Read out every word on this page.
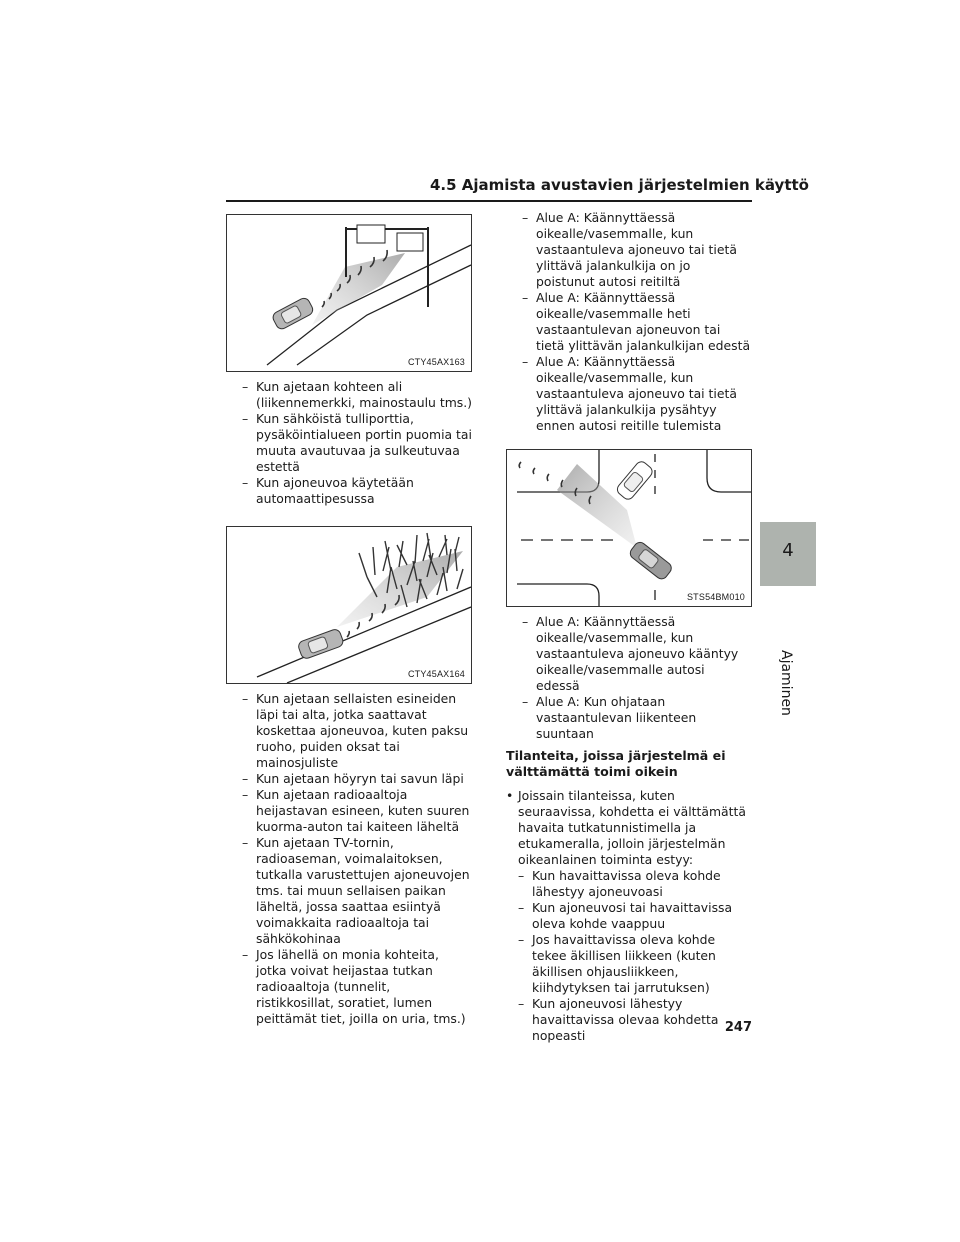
4.5 Ajamista avustavien järjestelmien käyttö
4
Ajaminen
CTY45AX163

– Kun ajetaan kohteen ali (liikennemerkki, mainostaulu tms.)

– Kun sähköistä tulliporttia, pysäköintialueen portin puomia tai muuta avautuvaa ja sulkeutuvaa estettä

– Kun ajoneuvoa käytetään automaattipesussa

CTY45AX164

– Kun ajetaan sellaisten esineiden läpi tai alta, jotka saattavat koskettaa ajoneuvoa, kuten paksu ruoho, puiden oksat tai mainosjuliste

– Kun ajetaan höyryn tai savun läpi

– Kun ajetaan radioaaltoja heijastavan esineen, kuten suuren kuorma-auton tai kaiteen läheltä

– Kun ajetaan TV-tornin, radioaseman, voimalaitoksen, tutkalla varustettujen ajoneuvojen tms. tai muun sellaisen paikan läheltä, jossa saattaa esiintyä voimakkaita radioaaltoja tai sähkökohinaa

– Jos lähellä on monia kohteita, jotka voivat heijastaa tutkan radioaaltoja (tunnelit, ristikkosillat, soratiet, lumen peittämät tiet, joilla on uria, tms.)

– Alue A: Käännyttäessä oikealle/vasemmalle, kun vastaantuleva ajoneuvo tai tietä ylittävä jalankulkija on jo poistunut autosi reitiltä

– Alue A: Käännyttäessä oikealle/vasemmalle heti vastaantulevan ajoneuvon tai tietä ylittävän jalankulkijan edestä

– Alue A: Käännyttäessä oikealle/vasemmalle, kun vastaantuleva ajoneuvo tai tietä ylittävä jalankulkija pysähtyy ennen autosi reitille tulemista

STS54BM010

– Alue A: Käännyttäessä oikealle/vasemmalle, kun vastaantuleva ajoneuvo kääntyy oikealle/vasemmalle autosi edessä

– Alue A: Kun ohjataan vastaantulevan liikenteen suuntaan

Tilanteita, joissa järjestelmä ei välttämättä toimi oikein

• Joissain tilanteissa, kuten seuraavissa, kohdetta ei välttämättä havaita tutkatunnistimella ja etukameralla, jolloin järjestelmän oikeanlainen toiminta estyy:

– Kun havaittavissa oleva kohde lähestyy ajoneuvoasi

– Kun ajoneuvosi tai havaittavissa oleva kohde vaappuu

– Jos havaittavissa oleva kohde tekee äkillisen liikkeen (kuten äkillisen ohjausliikkeen, kiihdytyksen tai jarrutuksen)

– Kun ajoneuvosi lähestyy havaittavissa olevaa kohdetta nopeasti

247
